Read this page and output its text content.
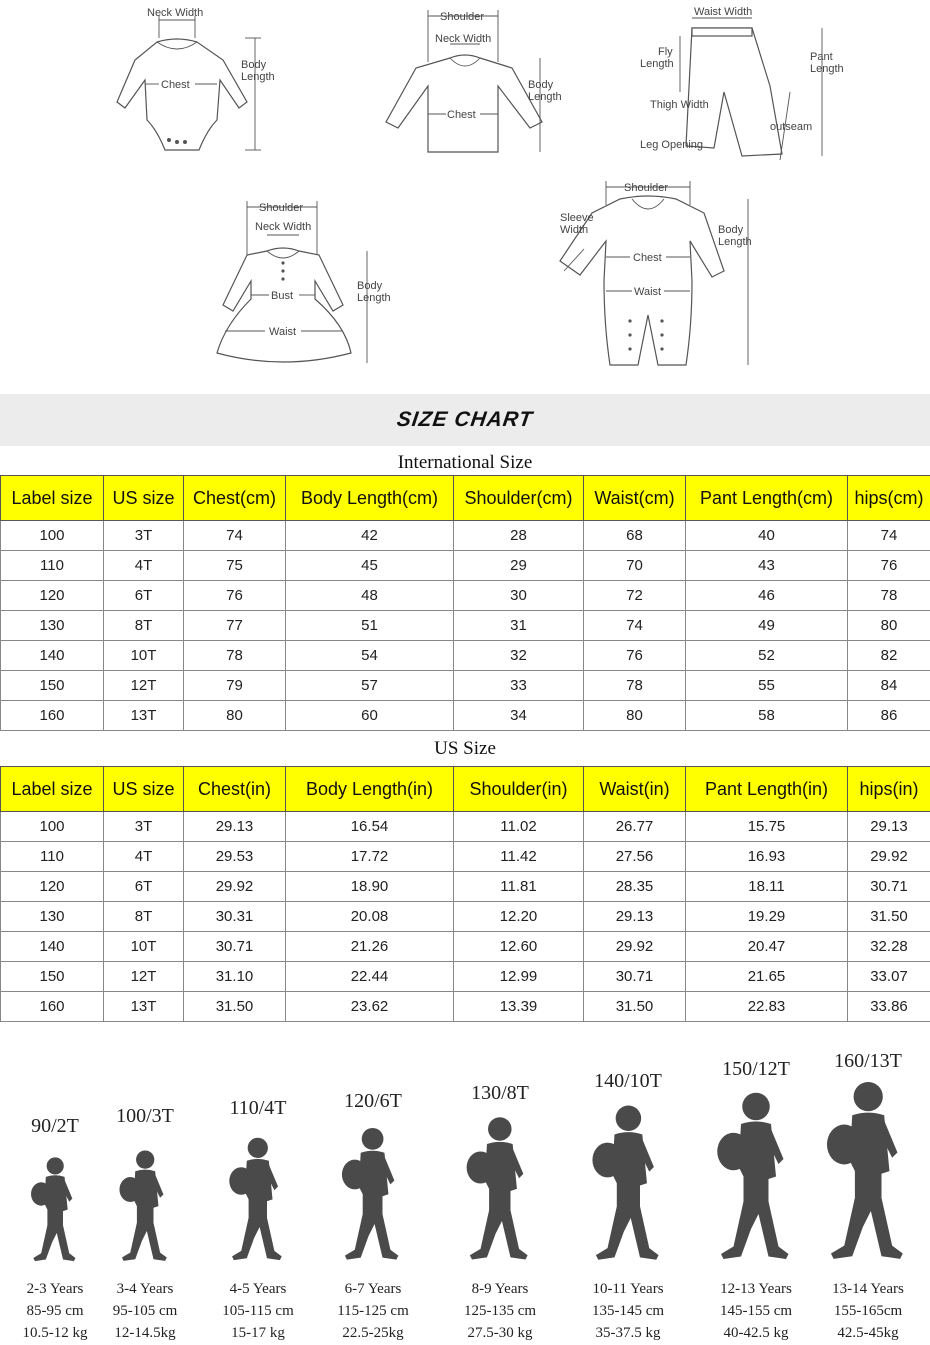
Neck Width
Chest
Body
Length
Shoulder
Neck Width
Chest
Body
Length
Waist Width
Fly
Length
Pant
Length
Thigh Width
outseam
Leg Opening
Shoulder
Neck Width
Bust
Waist
Body
Length
Shoulder
Sleeve
Width
Chest
Waist
Body
Length
SIZE CHART
International Size
Label size	US size	Chest(cm)	Body Length(cm)	Shoulder(cm)	Waist(cm)	Pant Length(cm)	hips(cm)
100	3T	74	42	28	68	40	74
110	4T	75	45	29	70	43	76
120	6T	76	48	30	72	46	78
130	8T	77	51	31	74	49	80
140	10T	78	54	32	76	52	82
150	12T	79	57	33	78	55	84
160	13T	80	60	34	80	58	86
US Size
Label size	US size	Chest(in)	Body Length(in)	Shoulder(in)	Waist(in)	Pant Length(in)	hips(in)
100	3T	29.13	16.54	11.02	26.77	15.75	29.13
110	4T	29.53	17.72	11.42	27.56	16.93	29.92
120	6T	29.92	18.90	11.81	28.35	18.11	30.71
130	8T	30.31	20.08	12.20	29.13	19.29	31.50
140	10T	30.71	21.26	12.60	29.92	20.47	32.28
150	12T	31.10	22.44	12.99	30.71	21.65	33.07
160	13T	31.50	23.62	13.39	31.50	22.83	33.86
90/2T
2-3 Years
85-95 cm
10.5-12 kg
100/3T
3-4 Years
95-105 cm
12-14.5kg
110/4T
4-5 Years
105-115 cm
15-17 kg
120/6T
6-7 Years
115-125 cm
22.5-25kg
130/8T
8-9 Years
125-135 cm
27.5-30 kg
140/10T
10-11 Years
135-145 cm
35-37.5 kg
150/12T
12-13 Years
145-155 cm
40-42.5 kg
160/13T
13-14 Years
155-165cm
42.5-45kg
